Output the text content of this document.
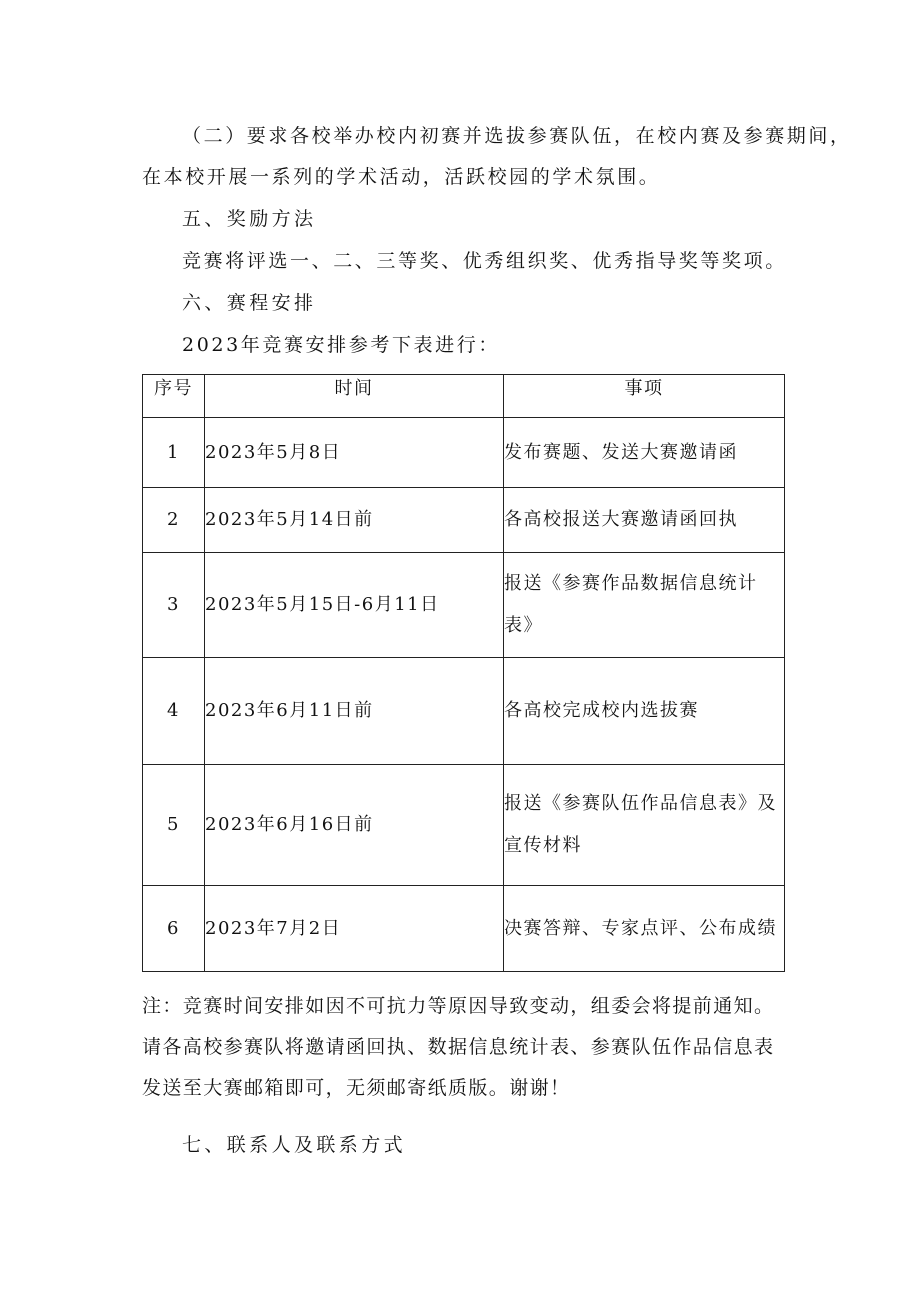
（二）要求各校举办校内初赛并选拔参赛队伍，在校内赛及参赛期间，
在本校开展一系列的学术活动，活跃校园的学术氛围。
五、奖励方法
竞赛将评选一、二、三等奖、优秀组织奖、优秀指导奖等奖项。
六、赛程安排
2023年竞赛安排参考下表进行：
序号	时间	事项
1	2023年5月8日	发布赛题、发送大赛邀请函
2	2023年5月14日前	各高校报送大赛邀请函回执
3	2023年5月15日-6月11日	报送《参赛作品数据信息统计表》
4	2023年6月11日前	各高校完成校内选拔赛
5	2023年6月16日前	报送《参赛队伍作品信息表》及宣传材料
6	2023年7月2日	决赛答辩、专家点评、公布成绩
注：竞赛时间安排如因不可抗力等原因导致变动，组委会将提前通知。请各高校参赛队将邀请函回执、数据信息统计表、参赛队伍作品信息表发送至大赛邮箱即可，无须邮寄纸质版。谢谢！
七、联系人及联系方式
